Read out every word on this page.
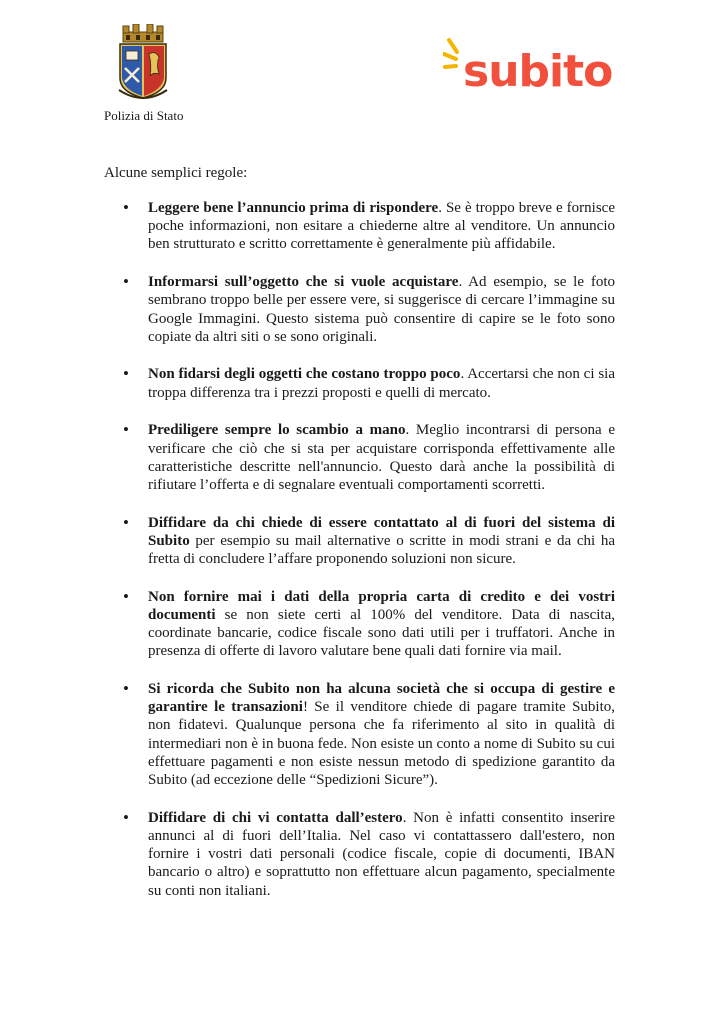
Polizia di Stato
subito
Alcune semplici regole:
• Leggere bene l’annuncio prima di rispondere. Se è troppo breve e fornisce poche informazioni, non esitare a chiederne altre al venditore. Un annuncio ben strutturato e scritto correttamente è generalmente più affidabile.
• Informarsi sull’oggetto che si vuole acquistare. Ad esempio, se le foto sembrano troppo belle per essere vere, si suggerisce di cercare l’immagine su Google Immagini. Questo sistema può consentire di capire se le foto sono copiate da altri siti o se sono originali.
• Non fidarsi degli oggetti che costano troppo poco. Accertarsi che non ci sia troppa differenza tra i prezzi proposti e quelli di mercato.
• Prediligere sempre lo scambio a mano. Meglio incontrarsi di persona e verificare che ciò che si sta per acquistare corrisponda effettivamente alle caratteristiche descritte nell'annuncio. Questo darà anche la possibilità di rifiutare l’offerta e di segnalare eventuali comportamenti scorretti.
• Diffidare da chi chiede di essere contattato al di fuori del sistema di Subito per esempio su mail alternative o scritte in modi strani e da chi ha fretta di concludere l’affare proponendo soluzioni non sicure.
• Non fornire mai i dati della propria carta di credito e dei vostri documenti se non siete certi al 100% del venditore. Data di nascita, coordinate bancarie, codice fiscale sono dati utili per i truffatori. Anche in presenza di offerte di lavoro valutare bene quali dati fornire via mail.
• Si ricorda che Subito non ha alcuna società che si occupa di gestire e garantire le transazioni! Se il venditore chiede di pagare tramite Subito, non fidatevi. Qualunque persona che fa riferimento al sito in qualità di intermediari non è in buona fede. Non esiste un conto a nome di Subito su cui effettuare pagamenti e non esiste nessun metodo di spedizione garantito da Subito (ad eccezione delle “Spedizioni Sicure”).
• Diffidare di chi vi contatta dall’estero. Non è infatti consentito inserire annunci al di fuori dell’Italia. Nel caso vi contattassero dall'estero, non fornire i vostri dati personali (codice fiscale, copie di documenti, IBAN bancario o altro) e soprattutto non effettuare alcun pagamento, specialmente su conti non italiani.
